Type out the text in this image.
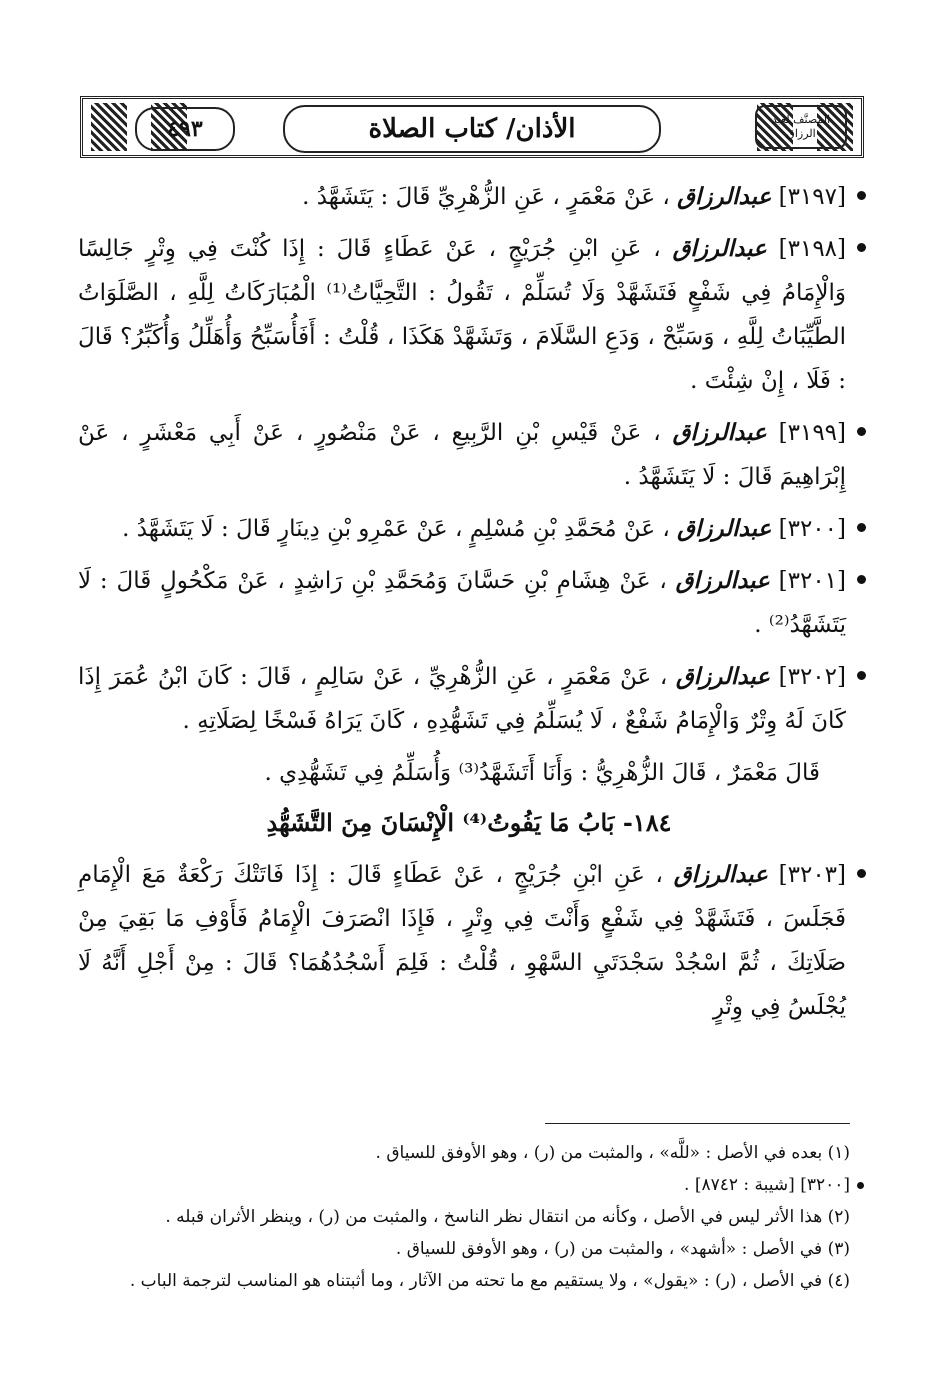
٤٩٣	الأذان/ كتاب الصلاة	المصنَّف لعبد الرزاق
[٣١٩٧] عبدالرزاق ، عَنْ مَعْمَرٍ ، عَنِ الزُّهْرِيِّ قَالَ : يَتَشَهَّدُ .
[٣١٩٨] عبدالرزاق ، عَنِ ابْنِ جُرَيْجٍ ، عَنْ عَطَاءٍ قَالَ : إِذَا كُنْتَ فِي وِتْرٍ جَالِسًا وَالْإِمَامُ فِي شَفْعٍ فَتَشَهَّدْ وَلَا تُسَلِّمْ ، تَقُولُ : التَّحِيَّاتُ⁽¹⁾ الْمُبَارَكَاتُ لِلَّهِ ، الصَّلَوَاتُ الطَّيِّبَاتُ لِلَّهِ ، وَسَبِّحْ ، وَدَعِ السَّلَامَ ، وَتَشَهَّدْ هَكَذَا ، قُلْتُ : أَفَأُسَبِّحُ وَأُهَلِّلُ وَأُكَبِّرُ؟ قَالَ : فَلَا ، إِنْ شِئْتَ .
[٣١٩٩] عبدالرزاق ، عَنْ قَيْسِ بْنِ الرَّبِيعِ ، عَنْ مَنْصُورٍ ، عَنْ أَبِي مَعْشَرٍ ، عَنْ إِبْرَاهِيمَ قَالَ : لَا يَتَشَهَّدُ .
[٣٢٠٠] عبدالرزاق ، عَنْ مُحَمَّدِ بْنِ مُسْلِمٍ ، عَنْ عَمْرِو بْنِ دِينَارٍ قَالَ : لَا يَتَشَهَّدُ .
[٣٢٠١] عبدالرزاق ، عَنْ هِشَامِ بْنِ حَسَّانَ وَمُحَمَّدِ بْنِ رَاشِدٍ ، عَنْ مَكْحُولٍ قَالَ : لَا يَتَشَهَّدُ⁽²⁾ .
[٣٢٠٢] عبدالرزاق ، عَنْ مَعْمَرٍ ، عَنِ الزُّهْرِيِّ ، عَنْ سَالِمٍ ، قَالَ : كَانَ ابْنُ عُمَرَ إِذَا كَانَ لَهُ وِتْرٌ وَالْإِمَامُ شَفْعٌ ، لَا يُسَلِّمُ فِي تَشَهُّدِهِ ، كَانَ يَرَاهُ فَسْخًا لِصَلَاتِهِ .
قَالَ مَعْمَرٌ ، قَالَ الزُّهْرِيُّ : وَأَنَا أَتَشَهَّدُ⁽³⁾ وَأُسَلِّمُ فِي تَشَهُّدِي .
١٨٤- بَابُ مَا يَفُوتُ⁽⁴⁾ الْإِنْسَانَ مِنَ التَّشَهُّدِ
[٣٢٠٣] عبدالرزاق ، عَنِ ابْنِ جُرَيْجٍ ، عَنْ عَطَاءٍ قَالَ : إِذَا فَاتَتْكَ رَكْعَةٌ مَعَ الْإِمَامِ فَجَلَسَ ، فَتَشَهَّدْ فِي شَفْعٍ وَأَنْتَ فِي وِتْرٍ ، فَإِذَا انْصَرَفَ الْإِمَامُ فَأَوْفِ مَا بَقِيَ مِنْ صَلَاتِكَ ، ثُمَّ اسْجُدْ سَجْدَتَيِ السَّهْوِ ، قُلْتُ : فَلِمَ أَسْجُدُهُمَا؟ قَالَ : مِنْ أَجْلِ أَنَّهُ لَا يُجْلَسُ فِي وِتْرٍ
(١) بعده في الأصل : «للَّه» ، والمثبت من (ر) ، وهو الأوفق للسياق .
[٣٢٠٠] [شيبة : ٨٧٤٢] .
(٢) هذا الأثر ليس في الأصل ، وكأنه من انتقال نظر الناسخ ، والمثبت من (ر) ، وينظر الأثران قبله .
(٣) في الأصل : «أشهد» ، والمثبت من (ر) ، وهو الأوفق للسياق .
(٤) في الأصل ، (ر) : «يقول» ، ولا يستقيم مع ما تحته من الآثار ، وما أثبتناه هو المناسب لترجمة الباب .
